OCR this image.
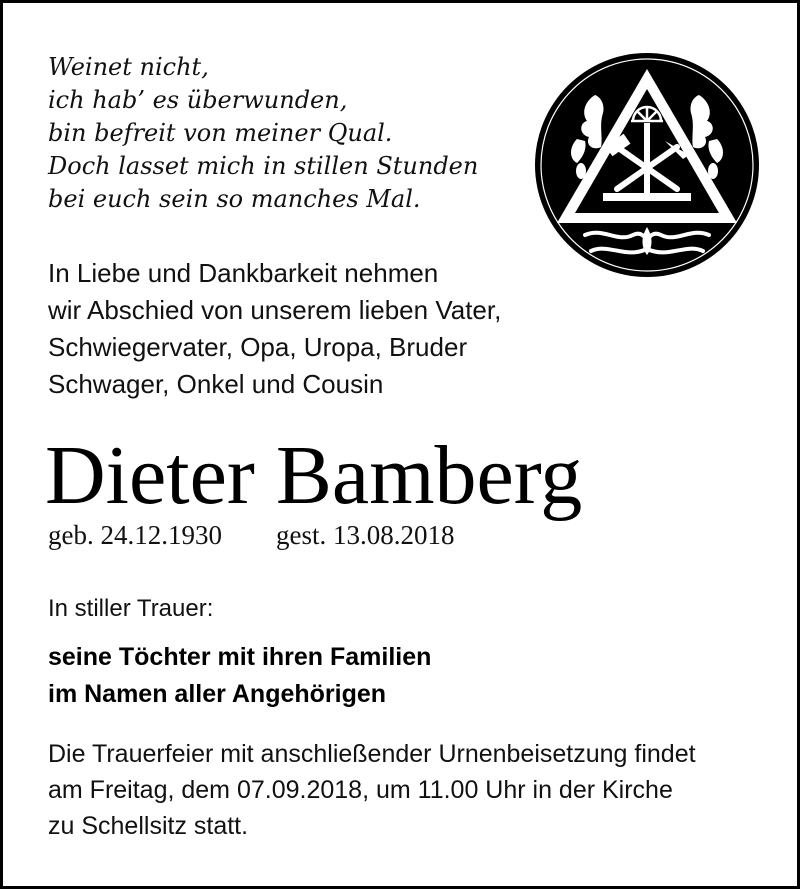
Weinet nicht,
ich hab’ es überwunden,
bin befreit von meiner Qual.
Doch lasset mich in stillen Stunden
bei euch sein so manches Mal.
In Liebe und Dankbarkeit nehmen
wir Abschied von unserem lieben Vater,
Schwiegervater, Opa, Uropa, Bruder
Schwager, Onkel und Cousin
Dieter Bamberg
geb. 24.12.1930 gest. 13.08.2018
In stiller Trauer:
seine Töchter mit ihren Familien
im Namen aller Angehörigen
Die Trauerfeier mit anschließender Urnenbeisetzung findet
am Freitag, dem 07.09.2018, um 11.00 Uhr in der Kirche
zu Schellsitz statt.
